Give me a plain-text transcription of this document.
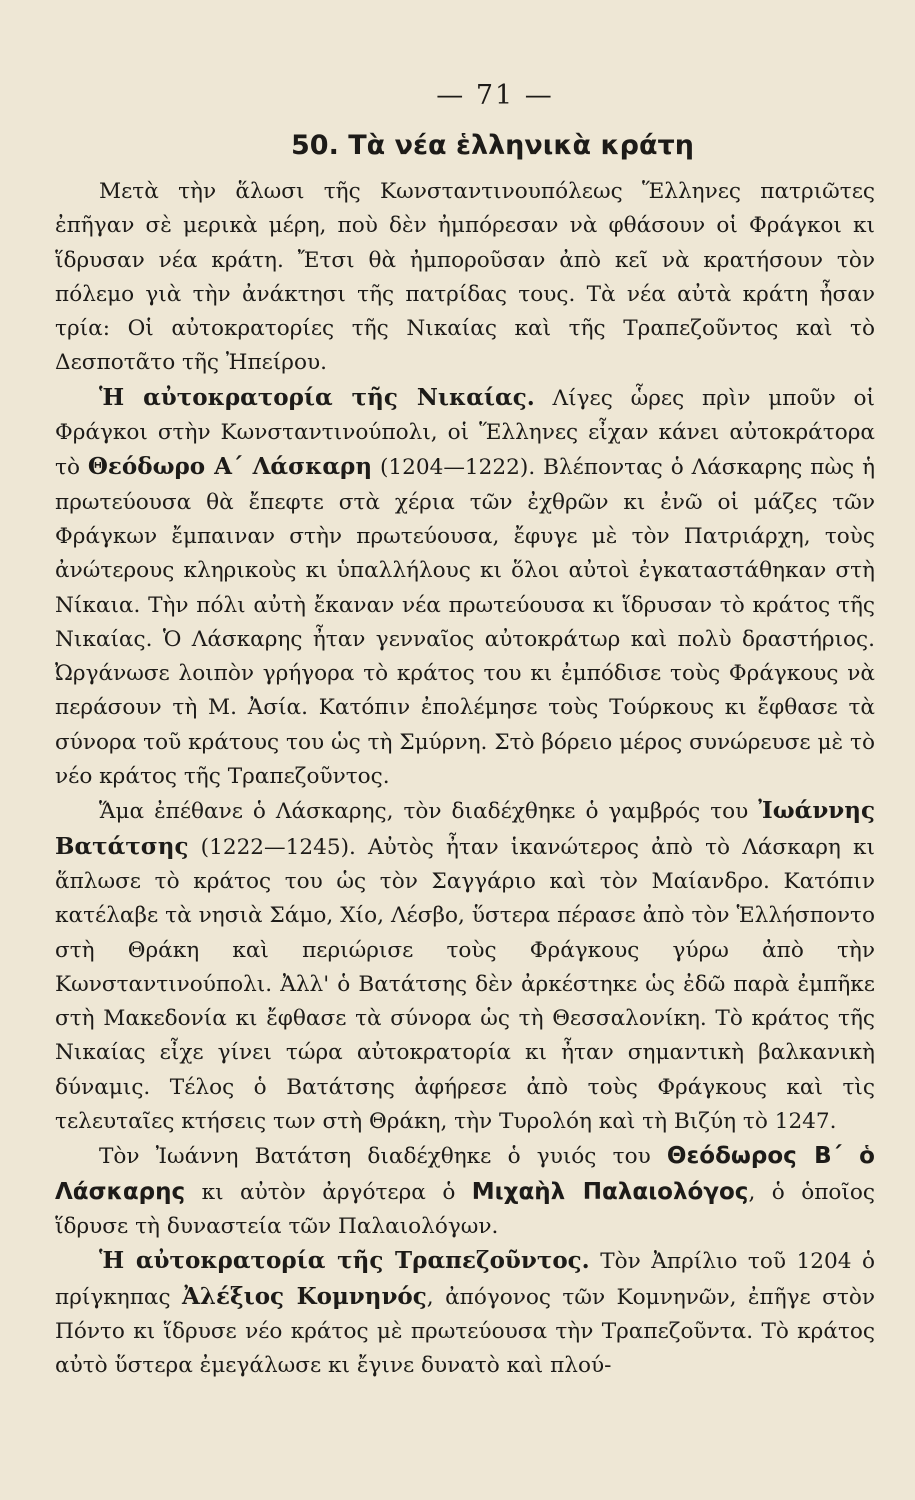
— 71 —
50. Τὰ νέα ἑλληνικὰ κράτη

Μετὰ τὴν ἅλωσι τῆς Κωνσταντινουπόλεως Ἕλληνες πατριῶτες ἐπῆγαν σὲ μερικὰ μέρη, ποὺ δὲν ἠμπόρεσαν νὰ φθάσουν οἱ Φράγκοι κι ἵδρυσαν νέα κράτη. Ἔτσι θὰ ἠμποροῦσαν ἀπὸ κεῖ νὰ κρατήσουν τὸν πόλεμο γιὰ τὴν ἀνάκτησι τῆς πατρίδας τους. Τὰ νέα αὐτὰ κράτη ἦσαν τρία: Οἱ αὐτοκρατορίες τῆς Νικαίας καὶ τῆς Τραπεζοῦντος καὶ τὸ Δεσποτᾶτο τῆς Ἠπείρου.

Ἡ αὐτοκρατορία τῆς Νικαίας. Λίγες ὧρες πρὶν μποῦν οἱ Φράγκοι στὴν Κωνσταντινούπολι, οἱ Ἕλληνες εἶχαν κάνει αὐτοκράτορα τὸ Θεόδωρο Α΄ Λάσκαρη (1204—1222). Βλέποντας ὁ Λάσκαρης πὼς ἡ πρωτεύουσα θὰ ἔπεφτε στὰ χέρια τῶν ἐχθρῶν κι ἐνῶ οἱ μάζες τῶν Φράγκων ἔμπαιναν στὴν πρωτεύουσα, ἔφυγε μὲ τὸν Πατριάρχη, τοὺς ἀνώτερους κληρικοὺς κι ὑπαλλήλους κι ὅλοι αὐτοὶ ἐγκαταστάθηκαν στὴ Νίκαια. Τὴν πόλι αὐτὴ ἔκαναν νέα πρωτεύουσα κι ἵδρυσαν τὸ κράτος τῆς Νικαίας. Ὁ Λάσκαρης ἦταν γενναῖος αὐτοκράτωρ καὶ πολὺ δραστήριος. Ὠργάνωσε λοιπὸν γρήγορα τὸ κράτος του κι ἐμπόδισε τοὺς Φράγκους νὰ περάσουν τὴ Μ. Ἀσία. Κατόπιν ἐπολέμησε τοὺς Τούρκους κι ἔφθασε τὰ σύνορα τοῦ κράτους του ὡς τὴ Σμύρνη. Στὸ βόρειο μέρος συνώρευσε μὲ τὸ νέο κράτος τῆς Τραπεζοῦντος.

Ἅμα ἐπέθανε ὁ Λάσκαρης, τὸν διαδέχθηκε ὁ γαμβρός του Ἰωάννης Βατάτσης (1222—1245). Αὐτὸς ἦταν ἱκανώτερος ἀπὸ τὸ Λάσκαρη κι ἅπλωσε τὸ κράτος του ὡς τὸν Σαγγάριο καὶ τὸν Μαίανδρο. Κατόπιν κατέλαβε τὰ νησιὰ Σάμο, Χίο, Λέσβο, ὕστερα πέρασε ἀπὸ τὸν Ἑλλήσποντο στὴ Θράκη καὶ περιώρισε τοὺς Φράγκους γύρω ἀπὸ τὴν Κωνσταντινούπολι. Ἀλλ' ὁ Βατάτσης δὲν ἀρκέστηκε ὡς ἐδῶ παρὰ ἐμπῆκε στὴ Μακεδονία κι ἔφθασε τὰ σύνορα ὡς τὴ Θεσσαλονίκη. Τὸ κράτος τῆς Νικαίας εἶχε γίνει τώρα αὐτοκρατορία κι ἦταν σημαντικὴ βαλκανικὴ δύναμις. Τέλος ὁ Βατάτσης ἀφήρεσε ἀπὸ τοὺς Φράγκους καὶ τὶς τελευταῖες κτήσεις των στὴ Θράκη, τὴν Τυρολόη καὶ τὴ Βιζύη τὸ 1247.

Τὸν Ἰωάννη Βατάτση διαδέχθηκε ὁ γυιός του Θεόδωρος Β΄ ὁ Λάσκαρης κι αὐτὸν ἀργότερα ὁ Μιχαὴλ Παλαιολόγος, ὁ ὁποῖος ἵδρυσε τὴ δυναστεία τῶν Παλαιολόγων.

Ἡ αὐτοκρατορία τῆς Τραπεζοῦντος. Τὸν Ἀπρίλιο τοῦ 1204 ὁ πρίγκηπας Ἀλέξιος Κομνηνός, ἀπόγονος τῶν Κομνηνῶν, ἐπῆγε στὸν Πόντο κι ἵδρυσε νέο κράτος μὲ πρωτεύουσα τὴν Τραπεζοῦντα. Τὸ κράτος αὐτὸ ὕστερα ἐμεγάλωσε κι ἔγινε δυνατὸ καὶ πλού-
